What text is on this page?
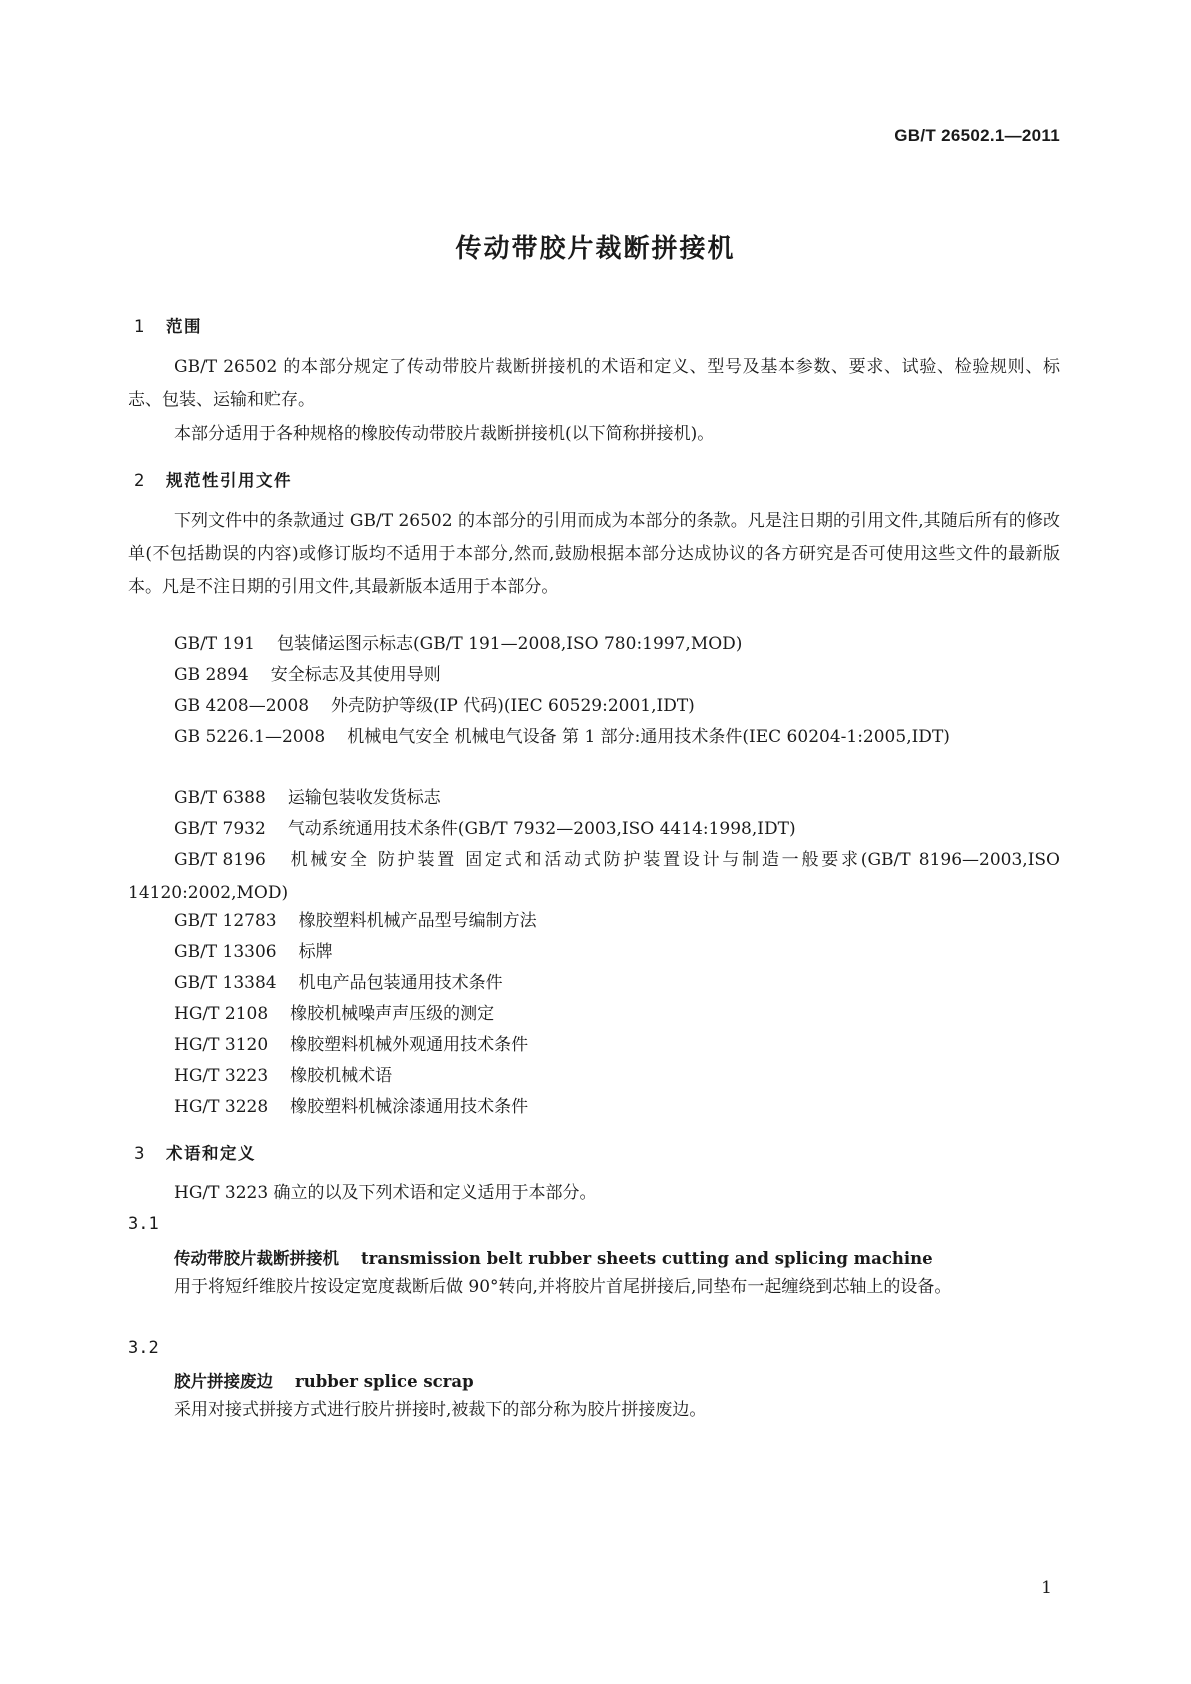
GB/T 26502.1—2011
传动带胶片裁断拼接机
1 范围

GB/T 26502 的本部分规定了传动带胶片裁断拼接机的术语和定义、型号及基本参数、要求、试验、检验规则、标志、包装、运输和贮存。

本部分适用于各种规格的橡胶传动带胶片裁断拼接机(以下简称拼接机)。

2 规范性引用文件

下列文件中的条款通过 GB/T 26502 的本部分的引用而成为本部分的条款。凡是注日期的引用文件,其随后所有的修改单(不包括勘误的内容)或修订版均不适用于本部分,然而,鼓励根据本部分达成协议的各方研究是否可使用这些文件的最新版本。凡是不注日期的引用文件,其最新版本适用于本部分。

GB/T 191 包装储运图示标志(GB/T 191—2008,ISO 780:1997,MOD)

GB 2894 安全标志及其使用导则

GB 4208—2008 外壳防护等级(IP 代码)(IEC 60529:2001,IDT)

GB 5226.1—2008 机械电气安全 机械电气设备 第 1 部分:通用技术条件(IEC 60204-1:2005,IDT)

GB/T 6388 运输包装收发货标志

GB/T 7932 气动系统通用技术条件(GB/T 7932—2003,ISO 4414:1998,IDT)

GB/T 8196 机械安全 防护装置 固定式和活动式防护装置设计与制造一般要求(GB/T 8196—2003,ISO 14120:2002,MOD)

GB/T 12783 橡胶塑料机械产品型号编制方法

GB/T 13306 标牌

GB/T 13384 机电产品包装通用技术条件

HG/T 2108 橡胶机械噪声声压级的测定

HG/T 3120 橡胶塑料机械外观通用技术条件

HG/T 3223 橡胶机械术语

HG/T 3228 橡胶塑料机械涂漆通用技术条件

3 术语和定义

HG/T 3223 确立的以及下列术语和定义适用于本部分。

3.1
传动带胶片裁断拼接机 transmission belt rubber sheets cutting and splicing machine

用于将短纤维胶片按设定宽度裁断后做 90°转向,并将胶片首尾拼接后,同垫布一起缠绕到芯轴上的设备。

3.2
胶片拼接废边 rubber splice scrap

采用对接式拼接方式进行胶片拼接时,被裁下的部分称为胶片拼接废边。

1
